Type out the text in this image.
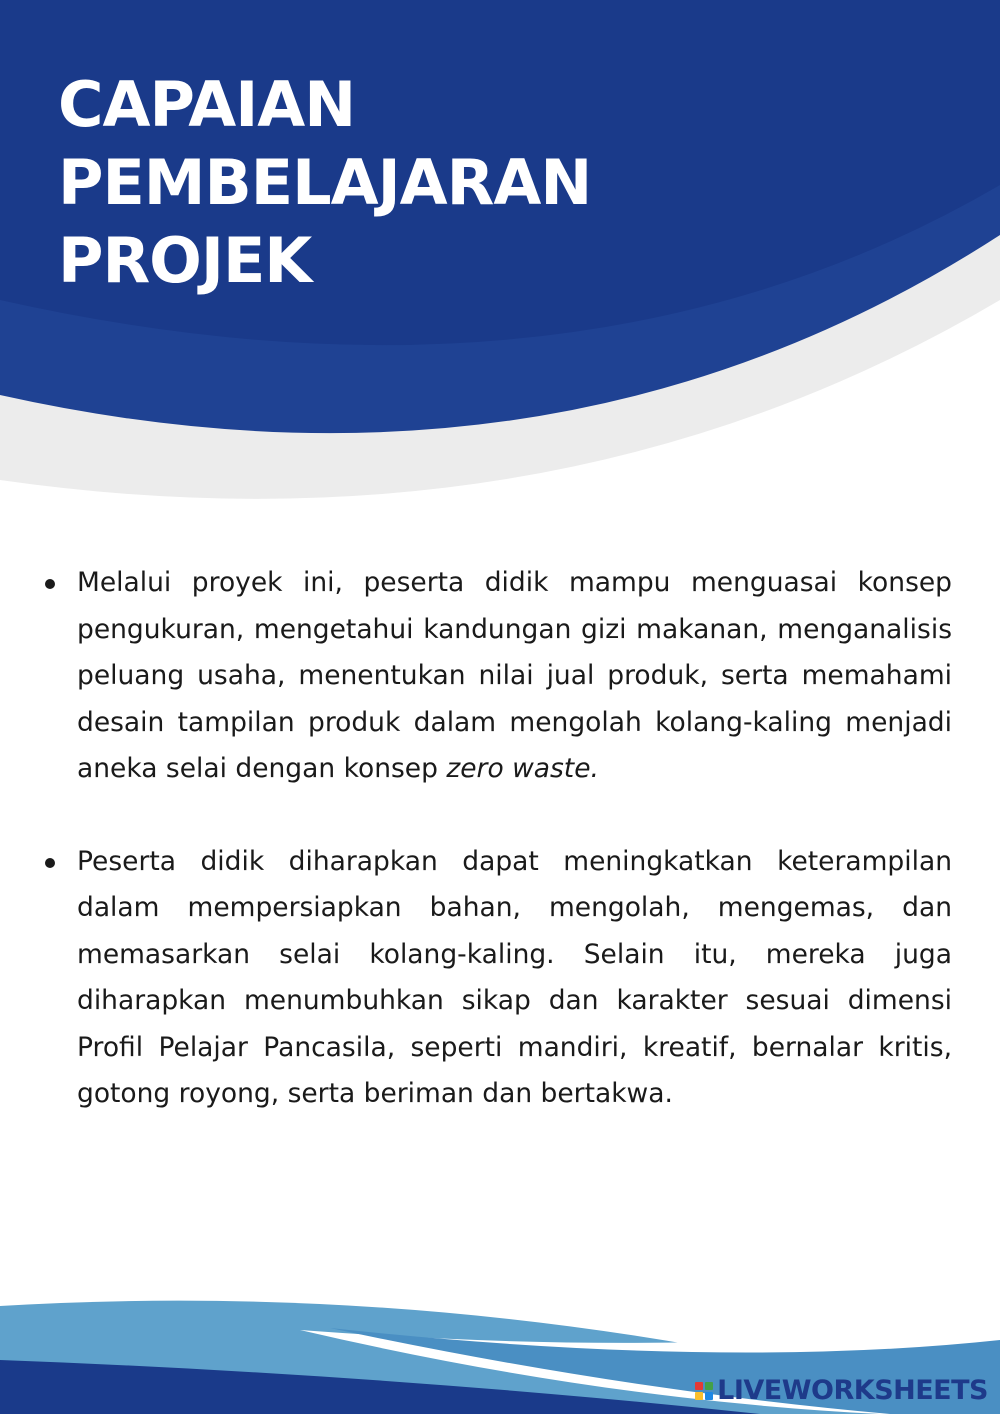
CAPAIAN
PEMBELAJARAN
PROJEK
Melalui proyek ini, peserta didik mampu menguasai konsep pengukuran, mengetahui kandungan gizi makanan, menganalisis peluang usaha, menentukan nilai jual produk, serta memahami desain tampilan produk dalam mengolah kolang-kaling menjadi aneka selai dengan konsep zero waste.
Peserta didik diharapkan dapat meningkatkan keterampilan dalam mempersiapkan bahan, mengolah, mengemas, dan memasarkan selai kolang-kaling. Selain itu, mereka juga diharapkan menumbuhkan sikap dan karakter sesuai dimensi Profil Pelajar Pancasila, seperti mandiri, kreatif, bernalar kritis, gotong royong, serta beriman dan bertakwa.
LIVEWORKSHEETS
